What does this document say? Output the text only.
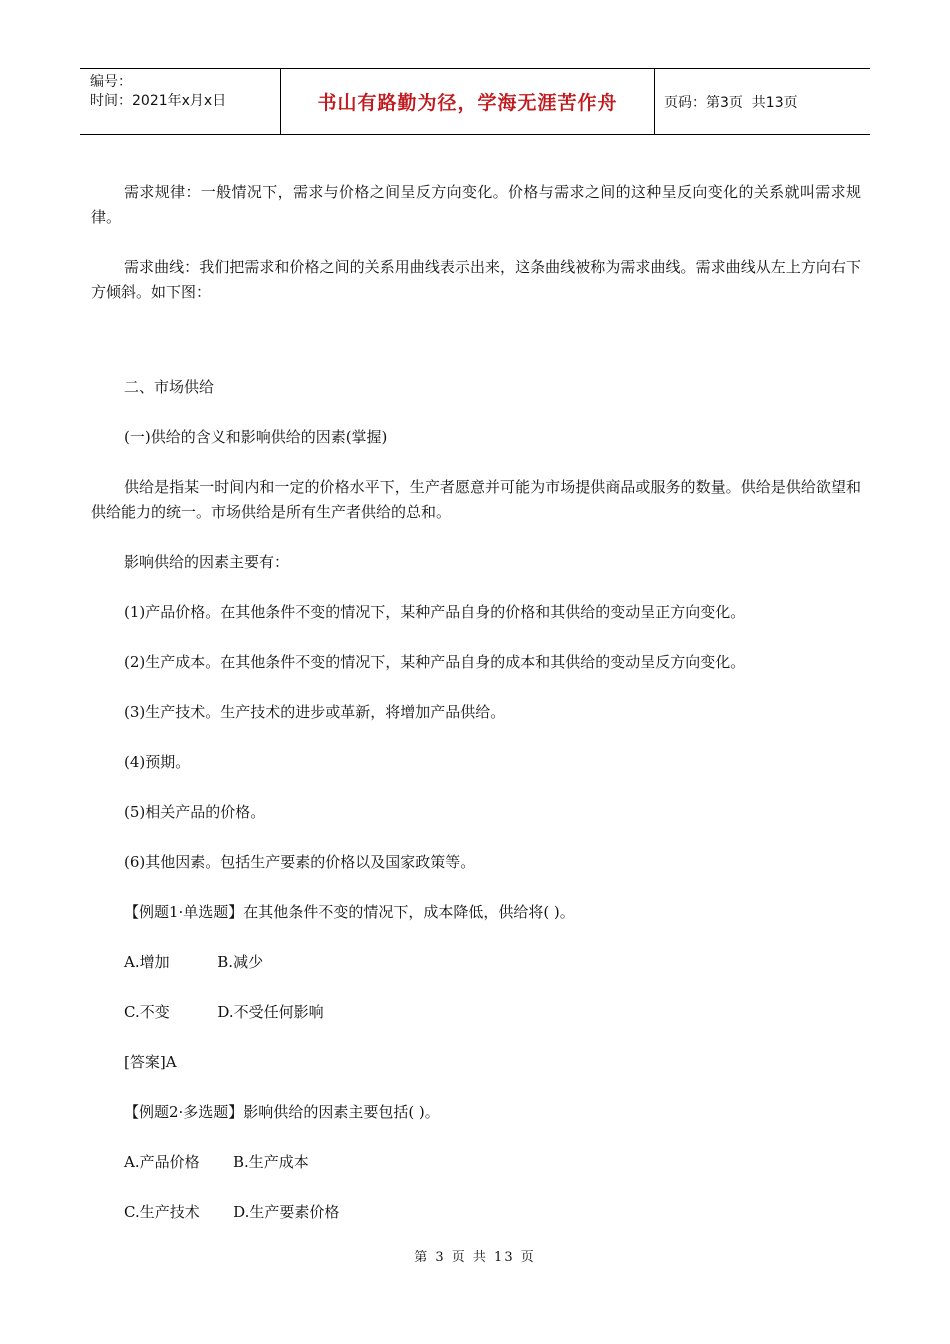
编号：
时间：2021年x月x日	书山有路勤为径，学海无涯苦作舟	页码：第3页  共13页

需求规律：一般情况下，需求与价格之间呈反方向变化。价格与需求之间的这种呈反向变化的关系就叫需求规律。

需求曲线：我们把需求和价格之间的关系用曲线表示出来，这条曲线被称为需求曲线。需求曲线从左上方向右下方倾斜。如下图：

二、市场供给

(一)供给的含义和影响供给的因素(掌握)

供给是指某一时间内和一定的价格水平下，生产者愿意并可能为市场提供商品或服务的数量。供给是供给欲望和供给能力的统一。市场供给是所有生产者供给的总和。

影响供给的因素主要有：

(1)产品价格。在其他条件不变的情况下，某种产品自身的价格和其供给的变动呈正方向变化。

(2)生产成本。在其他条件不变的情况下，某种产品自身的成本和其供给的变动呈反方向变化。

(3)生产技术。生产技术的进步或革新，将增加产品供给。

(4)预期。

(5)相关产品的价格。

(6)其他因素。包括生产要素的价格以及国家政策等。

【例题1·单选题】在其他条件不变的情况下，成本降低，供给将( )。

A.增加          B.减少

C.不变          D.不受任何影响

[答案]A

【例题2·多选题】影响供给的因素主要包括( )。

A.产品价格       B.生产成本

C.生产技术       D.生产要素价格

第 3 页 共 13 页
